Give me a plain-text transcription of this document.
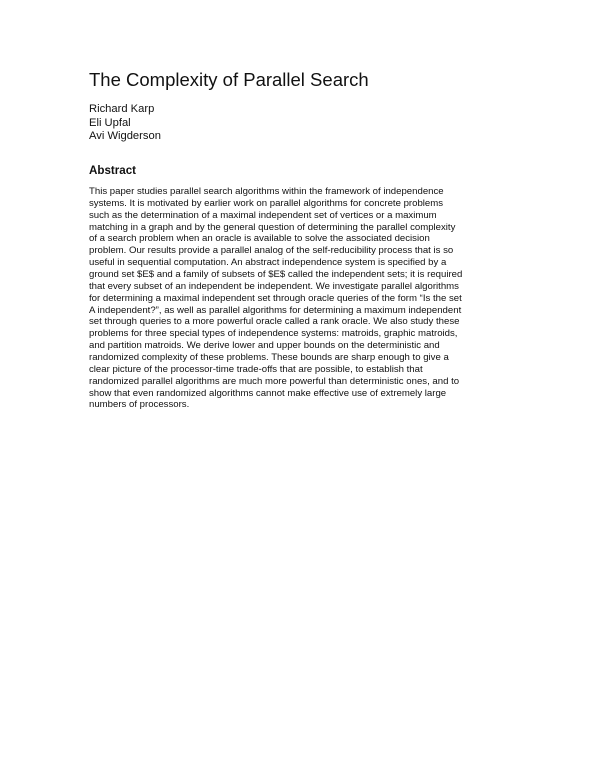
The Complexity of Parallel Search
Richard Karp
Eli Upfal
Avi Wigderson
Abstract
This paper studies parallel search algorithms within the framework of independence
systems. It is motivated by earlier work on parallel algorithms for concrete problems
such as the determination of a maximal independent set of vertices or a maximum
matching in a graph and by the general question of determining the parallel complexity
of a search problem when an oracle is available to solve the associated decision
problem. Our results provide a parallel analog of the self-reducibility process that is so
useful in sequential computation. An abstract independence system is specified by a
ground set $E$ and a family of subsets of $E$ called the independent sets; it is required
that every subset of an independent be independent. We investigate parallel algorithms
for determining a maximal independent set through oracle queries of the form “Is the set
A independent?”, as well as parallel algorithms for determining a maximum independent
set through queries to a more powerful oracle called a rank oracle. We also study these
problems for three special types of independence systems: matroids, graphic matroids,
and partition matroids. We derive lower and upper bounds on the deterministic and
randomized complexity of these problems. These bounds are sharp enough to give a
clear picture of the processor-time trade-offs that are possible, to establish that
randomized parallel algorithms are much more powerful than deterministic ones, and to
show that even randomized algorithms cannot make effective use of extremely large
numbers of processors.
